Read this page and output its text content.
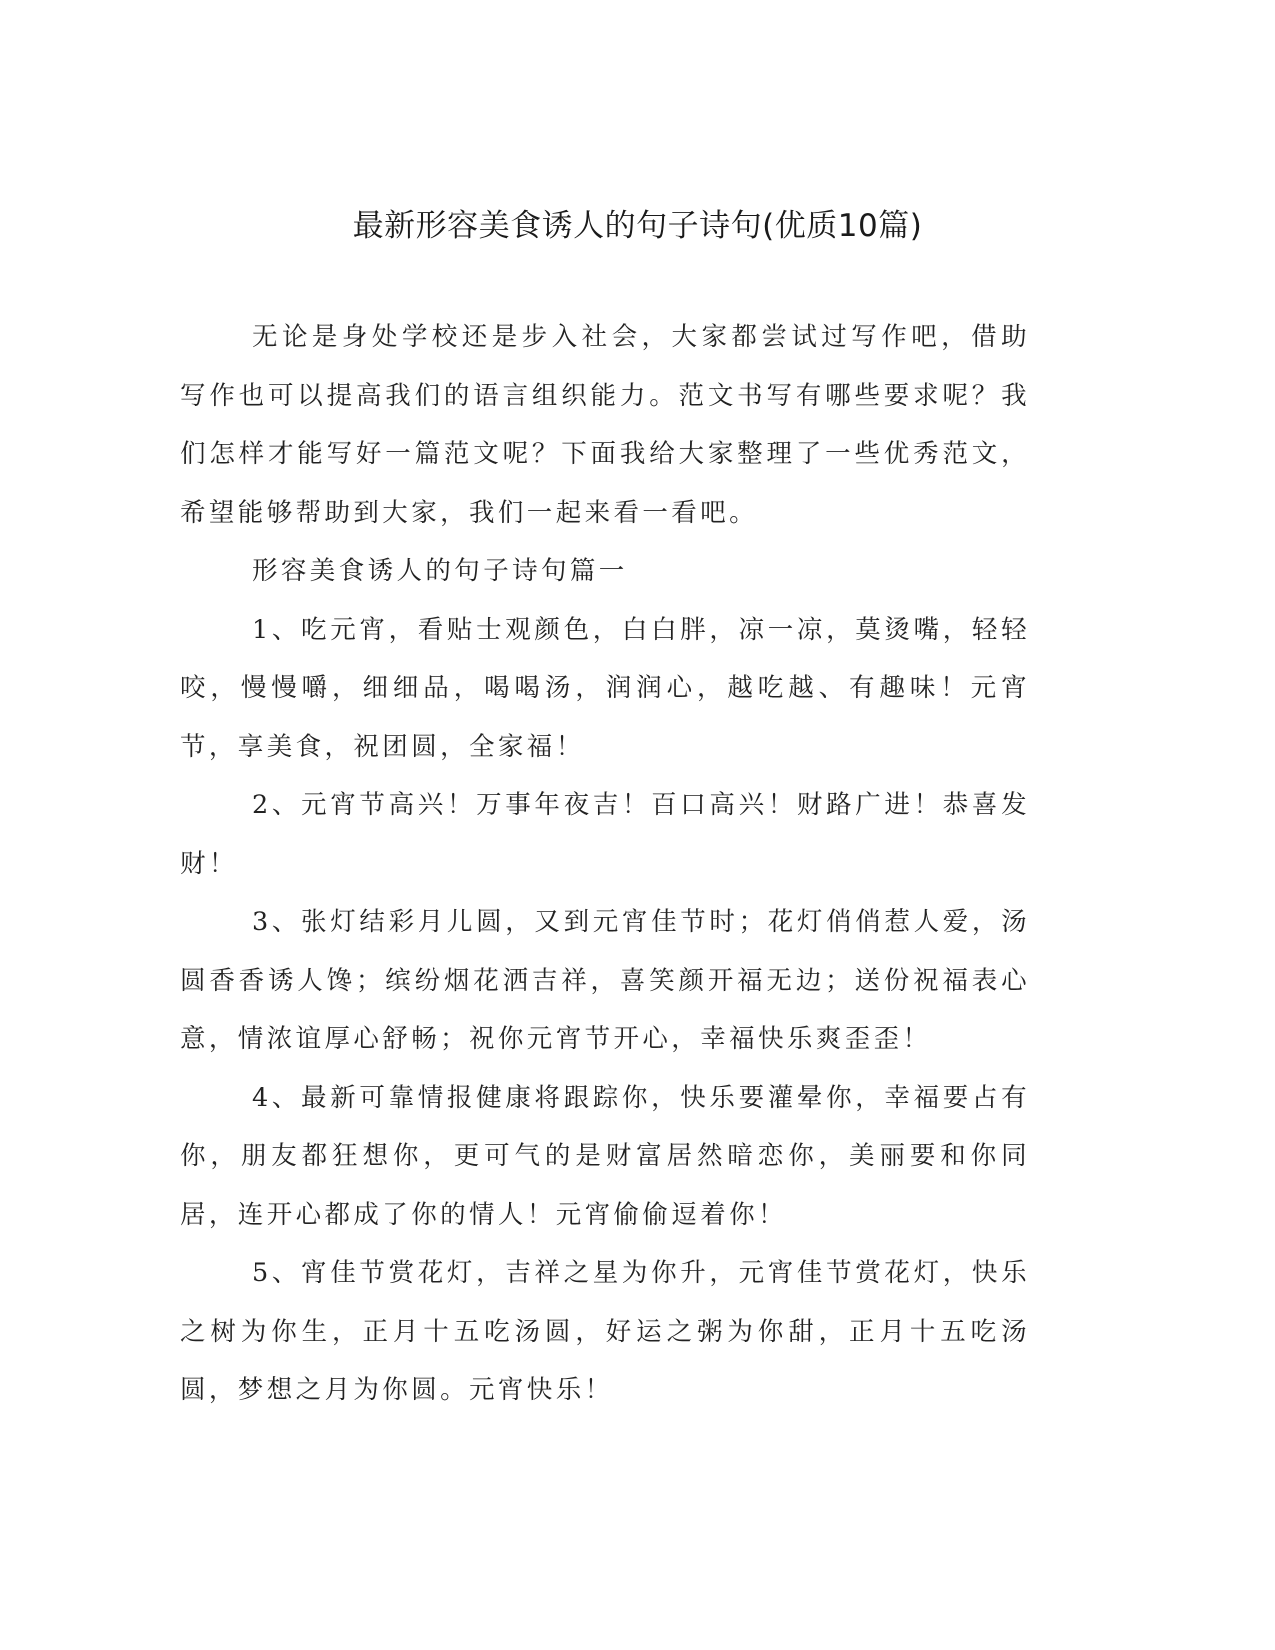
最新形容美食诱人的句子诗句(优质10篇)

无论是身处学校还是步入社会，大家都尝试过写作吧，借助写作也可以提高我们的语言组织能力。范文书写有哪些要求呢？我们怎样才能写好一篇范文呢？下面我给大家整理了一些优秀范文，希望能够帮助到大家，我们一起来看一看吧。

形容美食诱人的句子诗句篇一

1、吃元宵，看贴士观颜色，白白胖，凉一凉，莫烫嘴，轻轻咬，慢慢嚼，细细品，喝喝汤，润润心，越吃越、有趣味！元宵节，享美食，祝团圆，全家福！

2、元宵节高兴！万事年夜吉！百口高兴！财路广进！恭喜发财！

3、张灯结彩月儿圆，又到元宵佳节时；花灯俏俏惹人爱，汤圆香香诱人馋；缤纷烟花洒吉祥，喜笑颜开福无边；送份祝福表心意，情浓谊厚心舒畅；祝你元宵节开心，幸福快乐爽歪歪！

4、最新可靠情报健康将跟踪你，快乐要灌晕你，幸福要占有你，朋友都狂想你，更可气的是财富居然暗恋你，美丽要和你同居，连开心都成了你的情人！元宵偷偷逗着你！

5、宵佳节赏花灯，吉祥之星为你升，元宵佳节赏花灯，快乐之树为你生，正月十五吃汤圆，好运之粥为你甜，正月十五吃汤圆，梦想之月为你圆。元宵快乐！
